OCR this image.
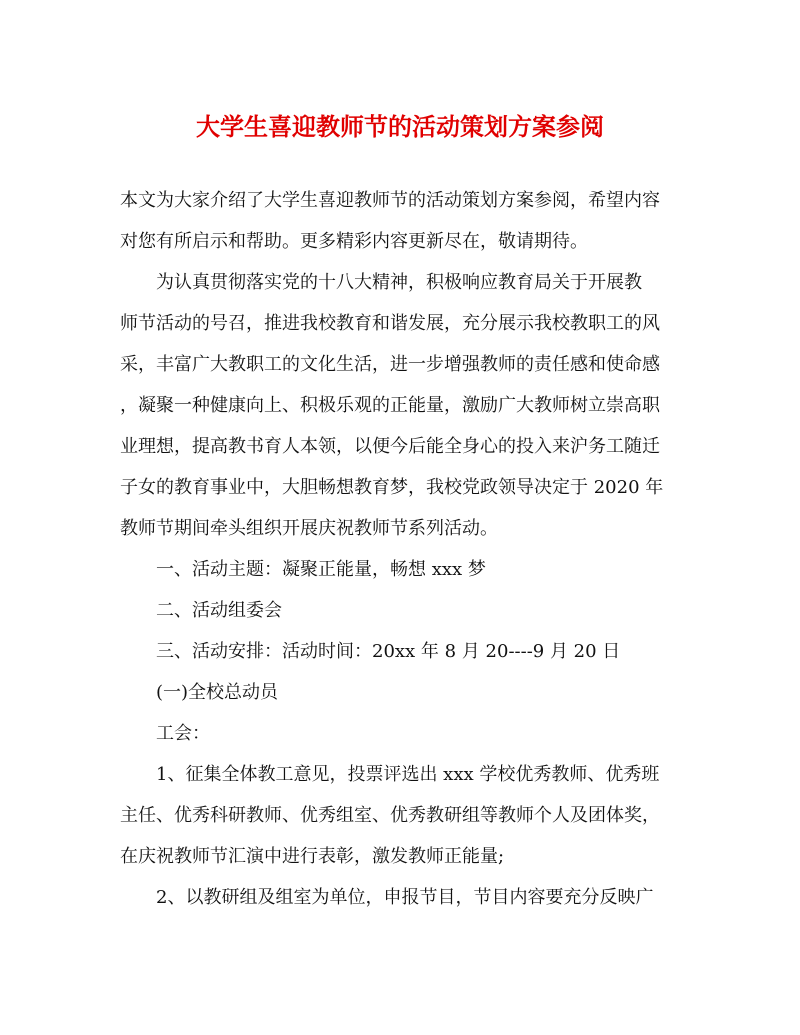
大学生喜迎教师节的活动策划方案参阅

本文为大家介绍了大学生喜迎教师节的活动策划方案参阅，希望内容

对您有所启示和帮助。更多精彩内容更新尽在，敬请期待。

为认真贯彻落实党的十八大精神，积极响应教育局关于开展教

师节活动的号召，推进我校教育和谐发展，充分展示我校教职工的风

采，丰富广大教职工的文化生活，进一步增强教师的责任感和使命感

，凝聚一种健康向上、积极乐观的正能量，激励广大教师树立崇高职

业理想，提高教书育人本领，以便今后能全身心的投入来沪务工随迁

子女的教育事业中，大胆畅想教育梦，我校党政领导决定于 2020 年

教师节期间牵头组织开展庆祝教师节系列活动。

一、活动主题：凝聚正能量，畅想 xxx 梦

二、活动组委会

三、活动安排：活动时间：20xx 年 8 月 20----9 月 20 日

(一)全校总动员

工会：

1、征集全体教工意见，投票评选出 xxx 学校优秀教师、优秀班

主任、优秀科研教师、优秀组室、优秀教研组等教师个人及团体奖，

在庆祝教师节汇演中进行表彰，激发教师正能量;

2、以教研组及组室为单位，申报节目，节目内容要充分反映广
